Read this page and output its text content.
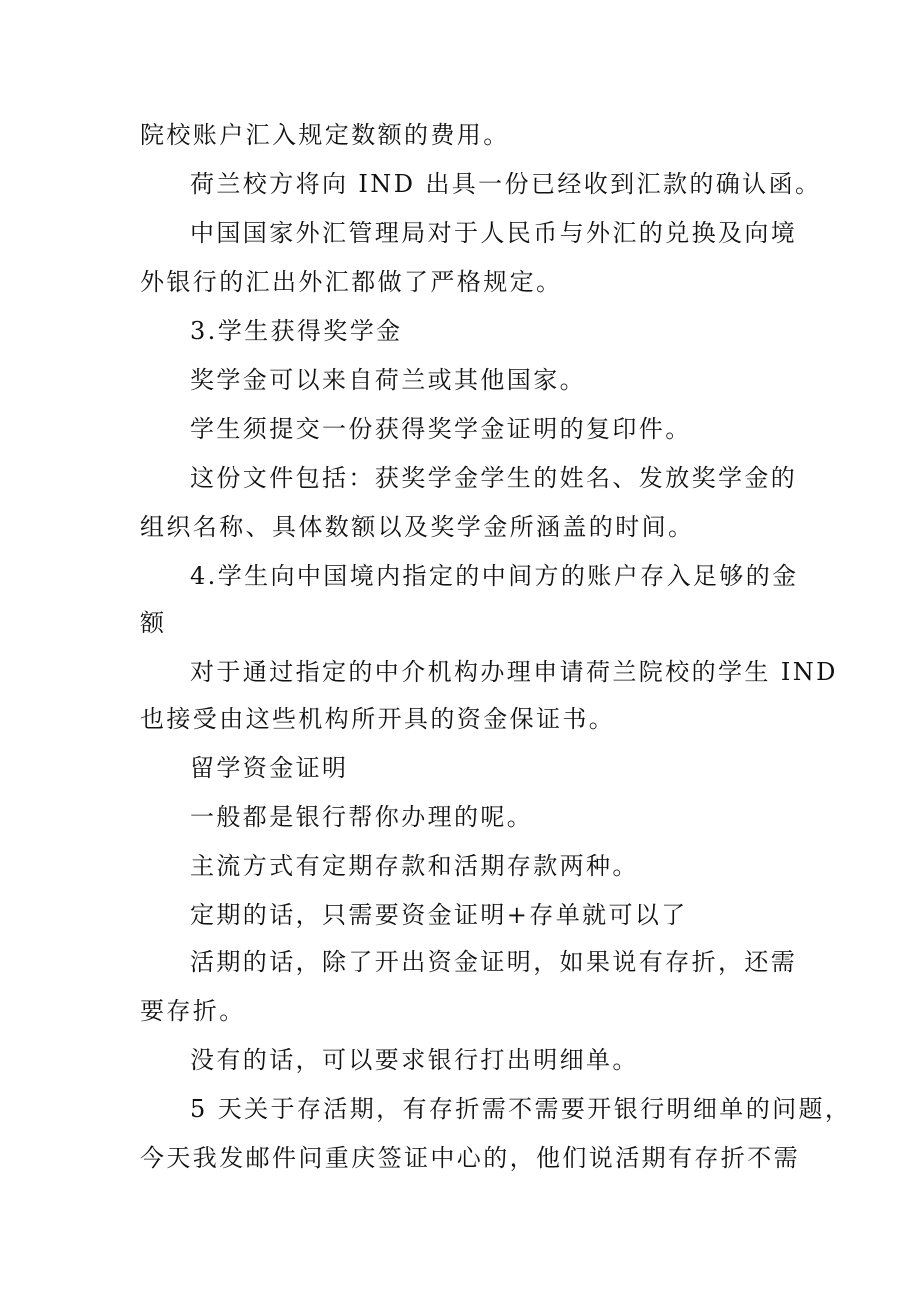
院校账户汇入规定数额的费用。
荷兰校方将向 IND 出具一份已经收到汇款的确认函。
中国国家外汇管理局对于人民币与外汇的兑换及向境
外银行的汇出外汇都做了严格规定。
3.学生获得奖学金
奖学金可以来自荷兰或其他国家。
学生须提交一份获得奖学金证明的复印件。
这份文件包括：获奖学金学生的姓名、发放奖学金的
组织名称、具体数额以及奖学金所涵盖的时间。
4.学生向中国境内指定的中间方的账户存入足够的金
额
对于通过指定的中介机构办理申请荷兰院校的学生 IND
也接受由这些机构所开具的资金保证书。
留学资金证明
一般都是银行帮你办理的呢。
主流方式有定期存款和活期存款两种。
定期的话，只需要资金证明+存单就可以了
活期的话，除了开出资金证明，如果说有存折，还需
要存折。
没有的话，可以要求银行打出明细单。
5 天关于存活期，有存折需不需要开银行明细单的问题，
今天我发邮件问重庆签证中心的，他们说活期有存折不需
